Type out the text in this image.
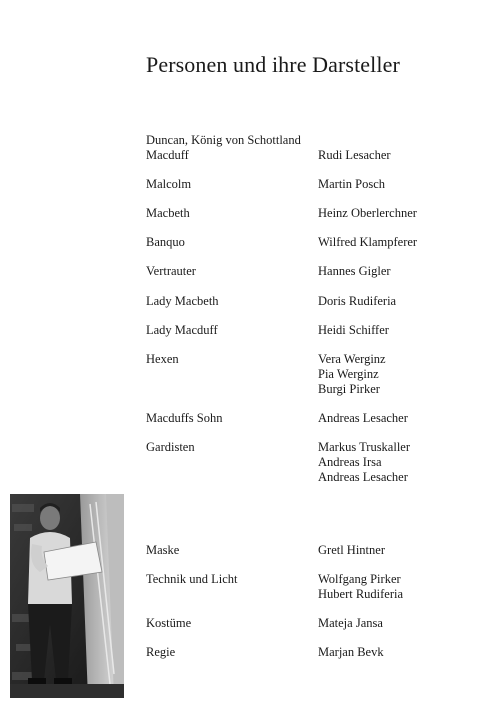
Personen und ihre Darsteller
Duncan, König von Schottland
Macduff	Rudi Lesacher
Malcolm	Martin Posch
Macbeth	Heinz Oberlerchner
Banquo	Wilfred Klampferer
Vertrauter	Hannes Gigler
Lady Macbeth	Doris Rudiferia
Lady Macduff	Heidi Schiffer
Hexen	Vera Werginz
Pia Werginz
Burgi Pirker
Macduffs Sohn	Andreas Lesacher
Gardisten	Markus Truskaller
Andreas Irsa
Andreas Lesacher
Maske	Gretl Hintner
Technik und Licht	Wolfgang Pirker
Hubert Rudiferia
Kostüme	Mateja Jansa
Regie	Marjan Bevk
